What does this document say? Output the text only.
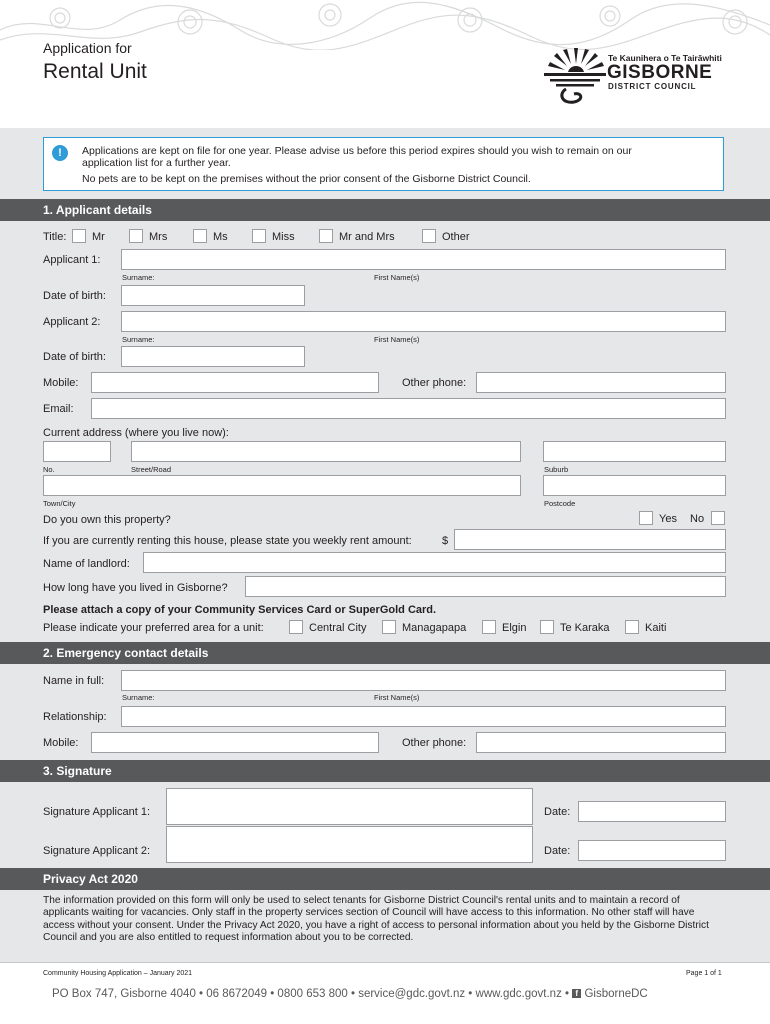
Application for
Rental Unit
Te Kaunihera o Te Tairāwhiti
GISBORNE
DISTRICT COUNCIL
!	Applications are kept on file for one year. Please advise us before this period expires should you wish to remain on our
application list for a further year.
No pets are to be kept on the premises without the prior consent of the Gisborne District Council.
1. Applicant details
Title: Mr	Mrs	Ms	Miss	Mr and Mrs	Other
Applicant 1:
Surname:	First Name(s)
Date of birth:
Applicant 2:
Surname:	First Name(s)
Date of birth:
Mobile:	Other phone:
Email:
Current address (where you live now):
No.	Street/Road	Suburb
Town/City	Postcode
Do you own this property?	Yes No
If you are currently renting this house, please state you weekly rent amount:	$
Name of landlord:
How long have you lived in Gisborne?
Please attach a copy of your Community Services Card or SuperGold Card.
Please indicate your preferred area for a unit:	Central City	Managapapa	Elgin	Te Karaka	Kaiti
2. Emergency contact details
Name in full:
Surname:	First Name(s)
Relationship:
Mobile:	Other phone:
3. Signature
Signature Applicant 1:	Date:
Signature Applicant 2:	Date:
Privacy Act 2020
The information provided on this form will only be used to select tenants for Gisborne District Council's rental units and to maintain a record of applicants waiting for vacancies. Only staff in the property services section of Council will have access to this information. No other staff will have access without your consent. Under the Privacy Act 2020, you have a right of access to personal information about you held by the Gisborne District Council and you are also entitled to request information about you to be corrected.
Community Housing Application – January 2021	Page 1 of 1
PO Box 747, Gisborne 4040 • 06 8672049 • 0800 653 800 • service@gdc.govt.nz • www.gdc.govt.nz • f GisborneDC
